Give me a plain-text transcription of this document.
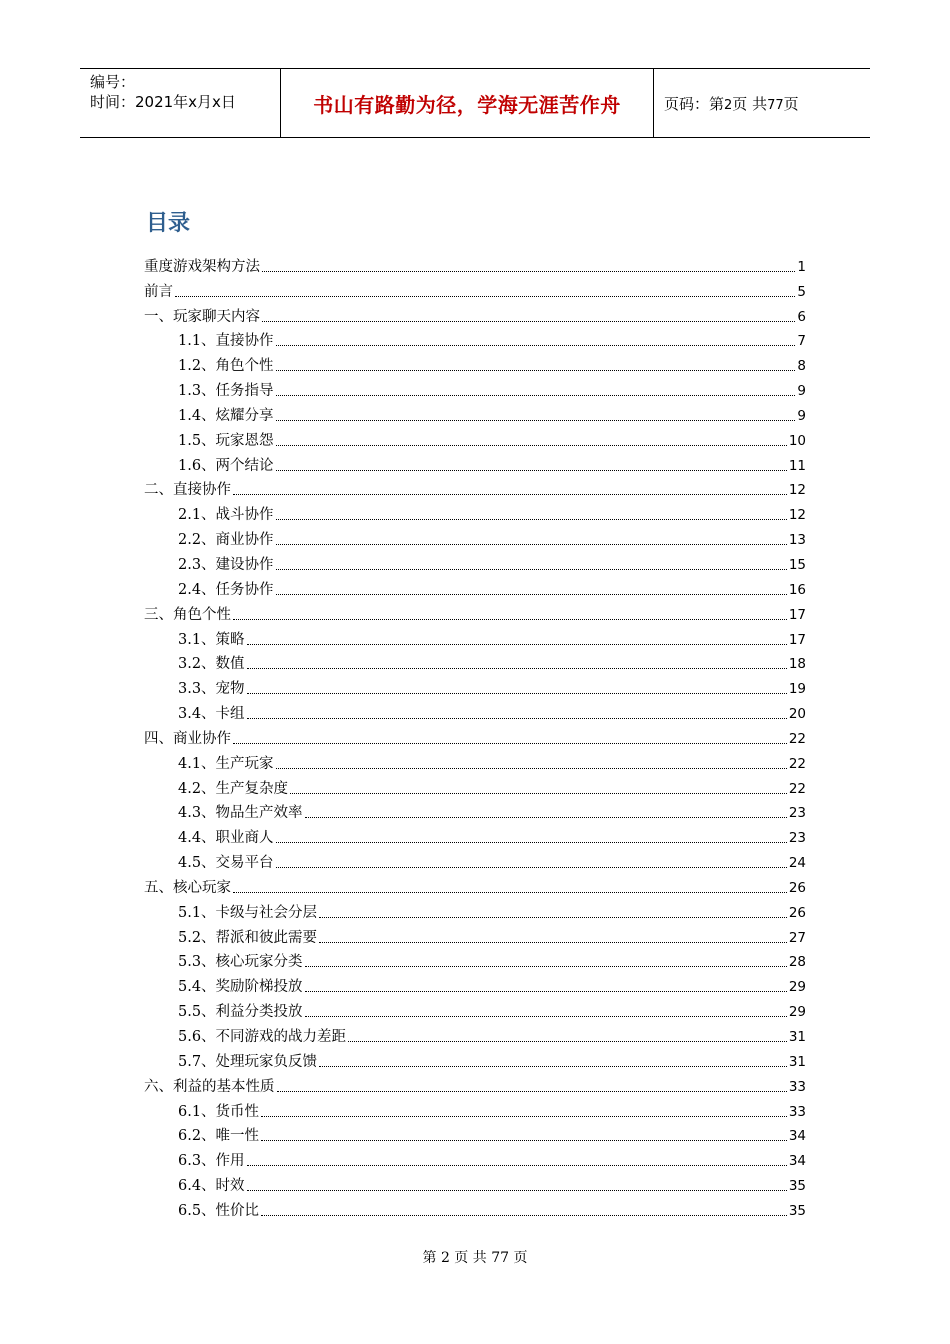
编号：
时间：2021年x月x日	书山有路勤为径，学海无涯苦作舟	页码：第2页 共77页
目录
重度游戏架构方法	1
前言	5
一、玩家聊天内容	6
1.1、直接协作	7
1.2、角色个性	8
1.3、任务指导	9
1.4、炫耀分享	9
1.5、玩家恩怨	10
1.6、两个结论	11
二、直接协作	12
2.1、战斗协作	12
2.2、商业协作	13
2.3、建设协作	15
2.4、任务协作	16
三、角色个性	17
3.1、策略	17
3.2、数值	18
3.3、宠物	19
3.4、卡组	20
四、商业协作	22
4.1、生产玩家	22
4.2、生产复杂度	22
4.3、物品生产效率	23
4.4、职业商人	23
4.5、交易平台	24
五、核心玩家	26
5.1、卡级与社会分层	26
5.2、帮派和彼此需要	27
5.3、核心玩家分类	28
5.4、奖励阶梯投放	29
5.5、利益分类投放	29
5.6、不同游戏的战力差距	31
5.7、处理玩家负反馈	31
六、利益的基本性质	33
6.1、货币性	33
6.2、唯一性	34
6.3、作用	34
6.4、时效	35
6.5、性价比	35
第 2 页 共 77 页
